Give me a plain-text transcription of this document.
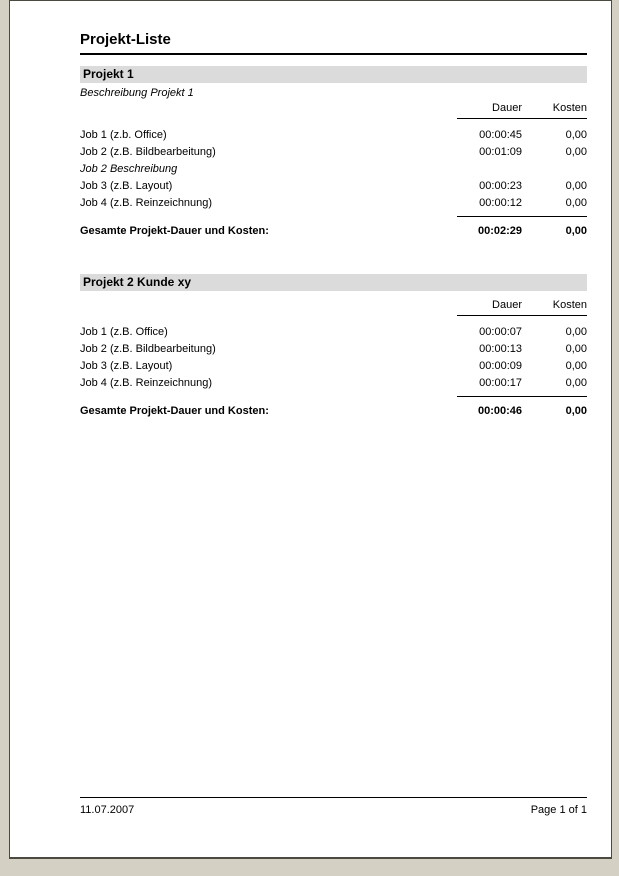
Projekt-Liste
Projekt 1
Beschreibung Projekt 1
Dauer	Kosten
Job 1 (z.b. Office)	00:00:45	0,00
Job 2 (z.B. Bildbearbeitung)	00:01:09	0,00
Job 2 Beschreibung
Job 3 (z.B. Layout)	00:00:23	0,00
Job 4 (z.B. Reinzeichnung)	00:00:12	0,00
Gesamte Projekt-Dauer und Kosten:	00:02:29	0,00
Projekt 2 Kunde xy
Dauer	Kosten
Job 1 (z.B. Office)	00:00:07	0,00
Job 2 (z.B. Bildbearbeitung)	00:00:13	0,00
Job 3 (z.B. Layout)	00:00:09	0,00
Job 4 (z.B. Reinzeichnung)	00:00:17	0,00
Gesamte Projekt-Dauer und Kosten:	00:00:46	0,00
11.07.2007	Page 1 of 1
